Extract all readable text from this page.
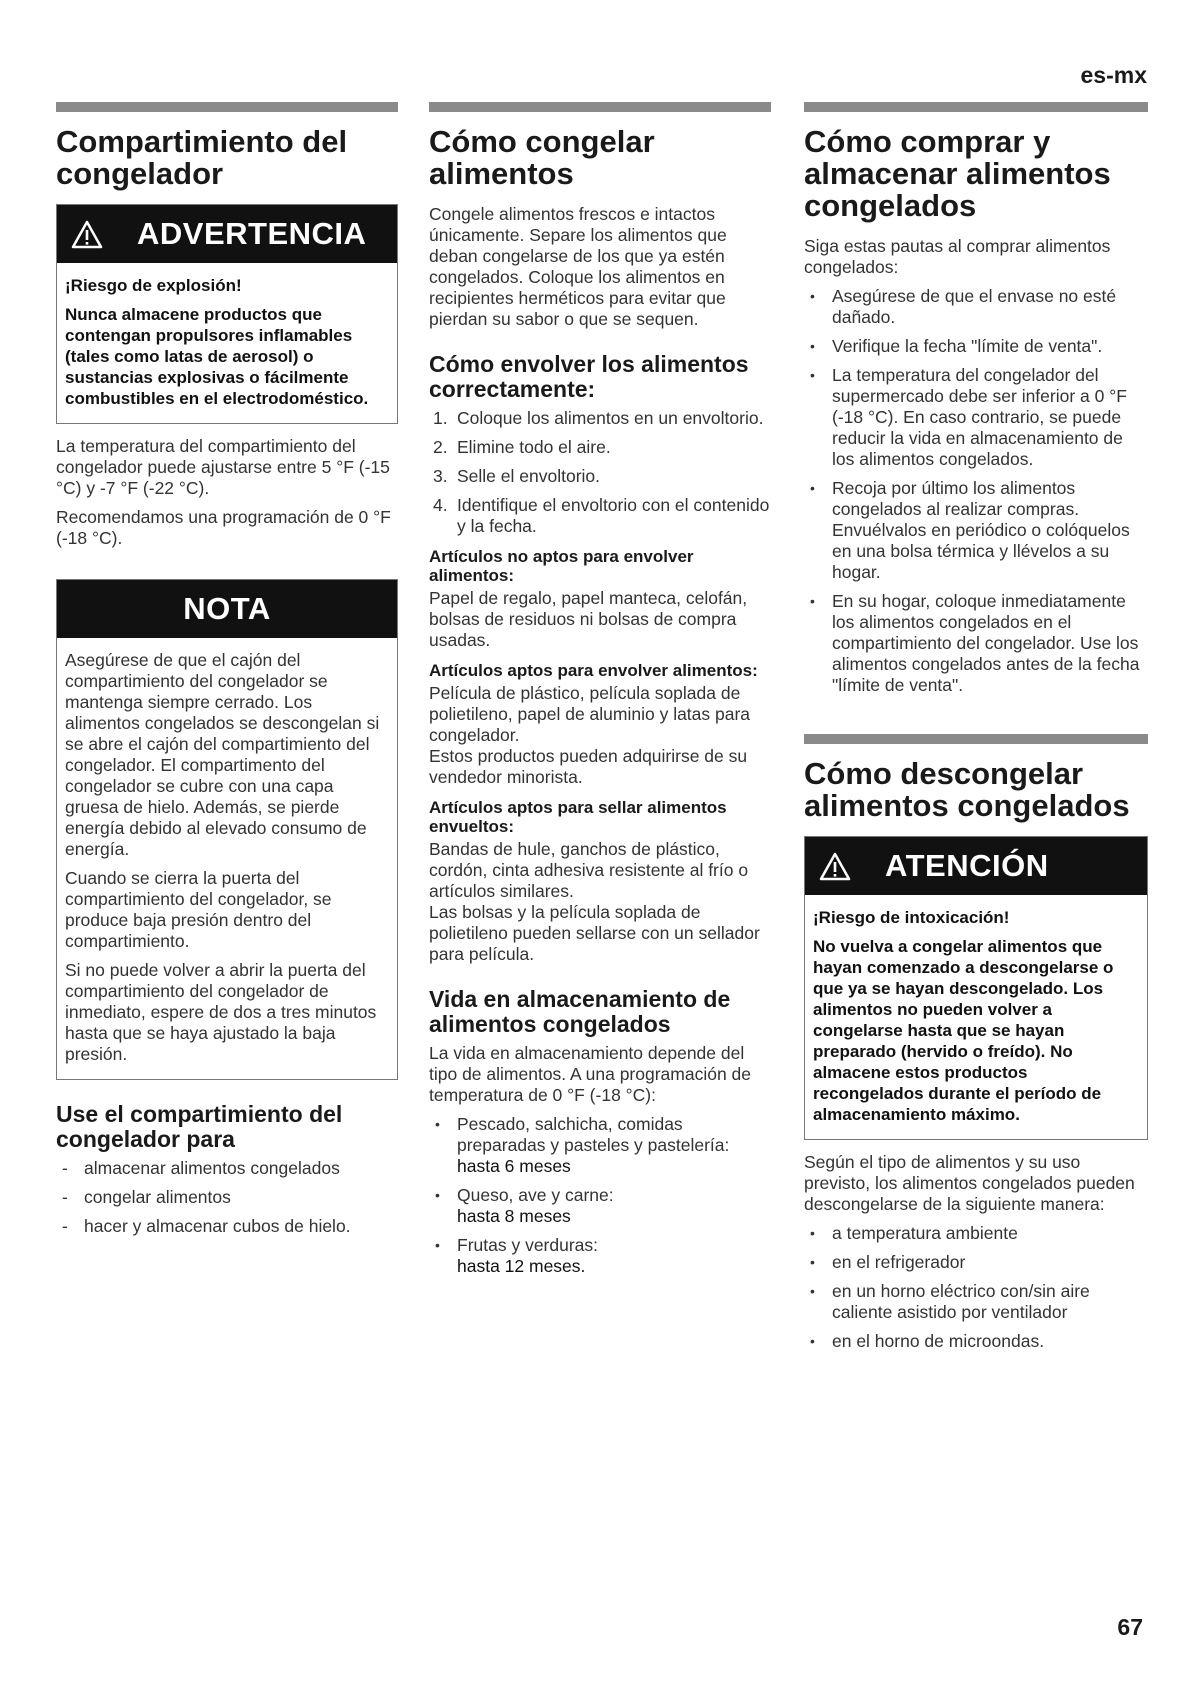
es-mx
Compartimiento del
congelador
ADVERTENCIA

¡Riesgo de explosión!

Nunca almacene productos que contengan propulsores inflamables (tales como latas de aerosol) o sustancias explosivas o fácilmente combustibles en el electrodoméstico.

La temperatura del compartimiento del congelador puede ajustarse entre 5 °F (-15 °C) y -7 °F (-22 °C).

Recomendamos una programación de 0 °F (-18 °C).

NOTA

Asegúrese de que el cajón del compartimiento del congelador se mantenga siempre cerrado. Los alimentos congelados se descongelan si se abre el cajón del compartimiento del congelador. El compartimento del congelador se cubre con una capa gruesa de hielo. Además, se pierde energía debido al elevado consumo de energía.

Cuando se cierra la puerta del compartimiento del congelador, se produce baja presión dentro del compartimiento.

Si no puede volver a abrir la puerta del compartimiento del congelador de inmediato, espere de dos a tres minutos hasta que se haya ajustado la baja presión.

Use el compartimiento del
congelador para
- almacenar alimentos congelados
- congelar alimentos
- hacer y almacenar cubos de hielo.
Cómo congelar
alimentos

Congele alimentos frescos e intactos únicamente. Separe los alimentos que deban congelarse de los que ya estén congelados. Coloque los alimentos en recipientes herméticos para evitar que pierdan su sabor o que se sequen.

Cómo envolver los alimentos
correctamente:
1. Coloque los alimentos en un envoltorio.
2. Elimine todo el aire.
3. Selle el envoltorio.
4. Identifique el envoltorio con el contenido y la fecha.
Artículos no aptos para envolver alimentos:

Papel de regalo, papel manteca, celofán, bolsas de residuos ni bolsas de compra usadas.

Artículos aptos para envolver alimentos:

Película de plástico, película soplada de polietileno, papel de aluminio y latas para congelador.

Estos productos pueden adquirirse de su vendedor minorista.

Artículos aptos para sellar alimentos envueltos:

Bandas de hule, ganchos de plástico, cordón, cinta adhesiva resistente al frío o artículos similares.

Las bolsas y la película soplada de polietileno pueden sellarse con un sellador para película.

Vida en almacenamiento de
alimentos congelados

La vida en almacenamiento depende del tipo de alimentos. A una programación de temperatura de 0 °F (-18 °C):

• Pescado, salchicha, comidas preparadas y pasteles y pastelería:
hasta 6 meses
• Queso, ave y carne:
hasta 8 meses
• Frutas y verduras:
hasta 12 meses.
Cómo comprar y
almacenar alimentos
congelados

Siga estas pautas al comprar alimentos congelados:

• Asegúrese de que el envase no esté dañado.
• Verifique la fecha "límite de venta".
• La temperatura del congelador del supermercado debe ser inferior a 0 °F (-18 °C). En caso contrario, se puede reducir la vida en almacenamiento de los alimentos congelados.
• Recoja por último los alimentos congelados al realizar compras. Envuélvalos en periódico o colóquelos en una bolsa térmica y llévelos a su hogar.
• En su hogar, coloque inmediatamente los alimentos congelados en el compartimiento del congelador. Use los alimentos congelados antes de la fecha "límite de venta".
Cómo descongelar
alimentos congelados
ATENCIÓN

¡Riesgo de intoxicación!

No vuelva a congelar alimentos que hayan comenzado a descongelarse o que ya se hayan descongelado. Los alimentos no pueden volver a congelarse hasta que se hayan preparado (hervido o freído). No almacene estos productos recongelados durante el período de almacenamiento máximo.

Según el tipo de alimentos y su uso previsto, los alimentos congelados pueden descongelarse de la siguiente manera:

• a temperatura ambiente
• en el refrigerador
• en un horno eléctrico con/sin aire caliente asistido por ventilador
• en el horno de microondas.
67
